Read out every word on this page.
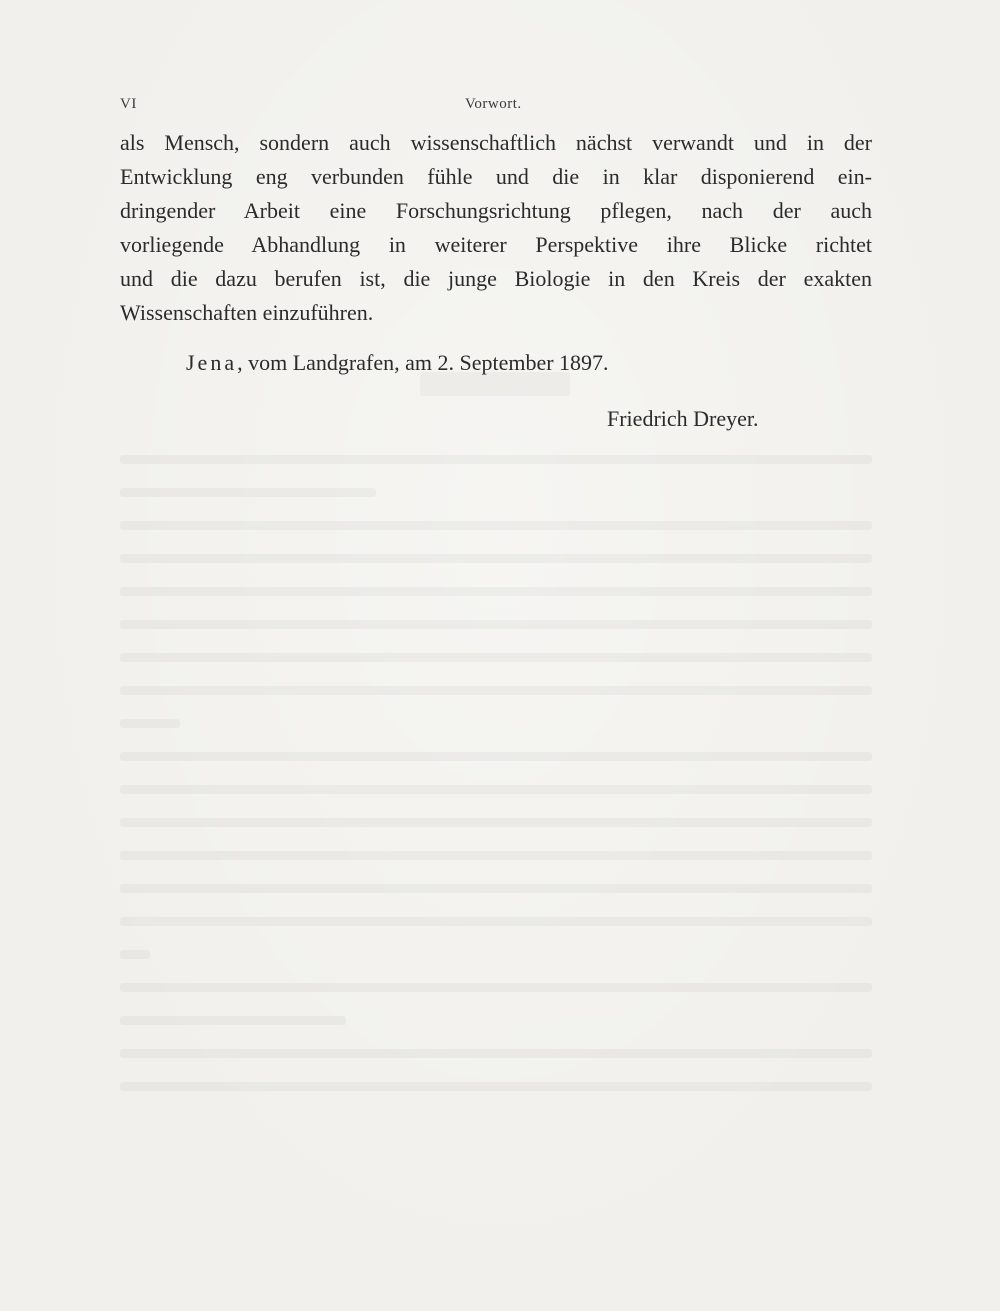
VI	Vorwort.
als Mensch, sondern auch wissenschaftlich nächst verwandt und in der
Entwicklung eng verbunden fühle und die in klar disponierend ein-
dringender Arbeit eine Forschungsrichtung pflegen, nach der auch
vorliegende Abhandlung in weiterer Perspektive ihre Blicke richtet
und die dazu berufen ist, die junge Biologie in den Kreis der exakten
Wissenschaften einzuführen.
Jena, vom Landgrafen, am 2. September 1897.
Friedrich Dreyer.
